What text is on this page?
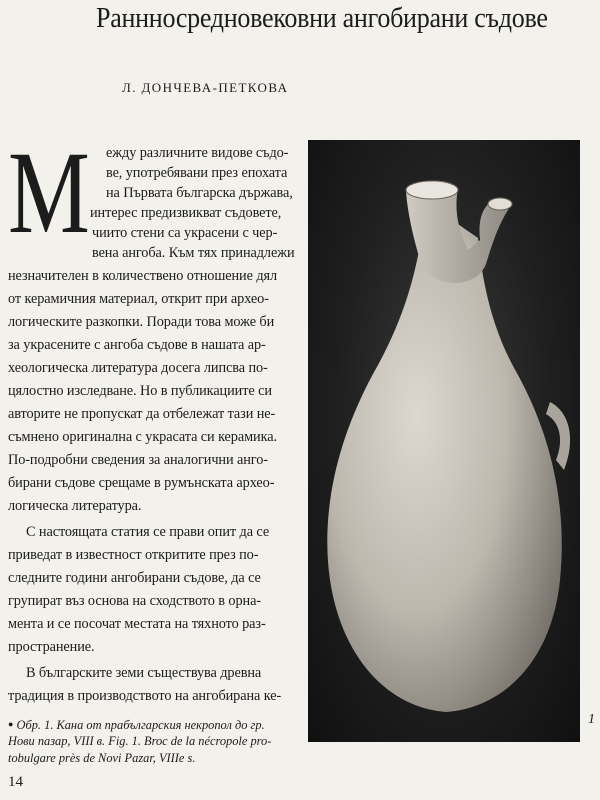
Раннносредновековни ангобирани съдове
Л. ДОНЧЕВА-ПЕТКОВА
М ежду различните видове съдо-
ве, употребявани през епохата
на Първата българска държава,
интерес предизвикват съдовете,
чиито стени са украсени с чер-
вена ангоба. Към тях принадлежи
незначителен в количествено отношение дял
от керамичния материал, открит при архео-
логическите разкопки. Поради това може би
за украсените с ангоба съдове в нашата ар-
хеологическа литература досега липсва по-
цялостно изследване. Но в публикациите си
авторите не пропускат да отбележат тази не-
съмнено оригинална с украсата си керамика.
По-подробни сведения за аналогични анго-
бирани съдове срещаме в румънската архео-
логическа литература.
С настоящата статия се прави опит да се
приведат в известност откритите през по-
следните години ангобирани съдове, да се
групират въз основа на сходството в орна-
мента и се посочат местата на тяхното раз-
пространение.
В българските земи съществува древна
традиция в производството на ангобирана ке-
● Обр. 1. Кана от прабългарския некропол до гр.
Нови пазар, VIII в. Fig. 1. Broc de la nécropole pro-
tobulgare près de Novi Pazar, VIIIe s.
1
14
